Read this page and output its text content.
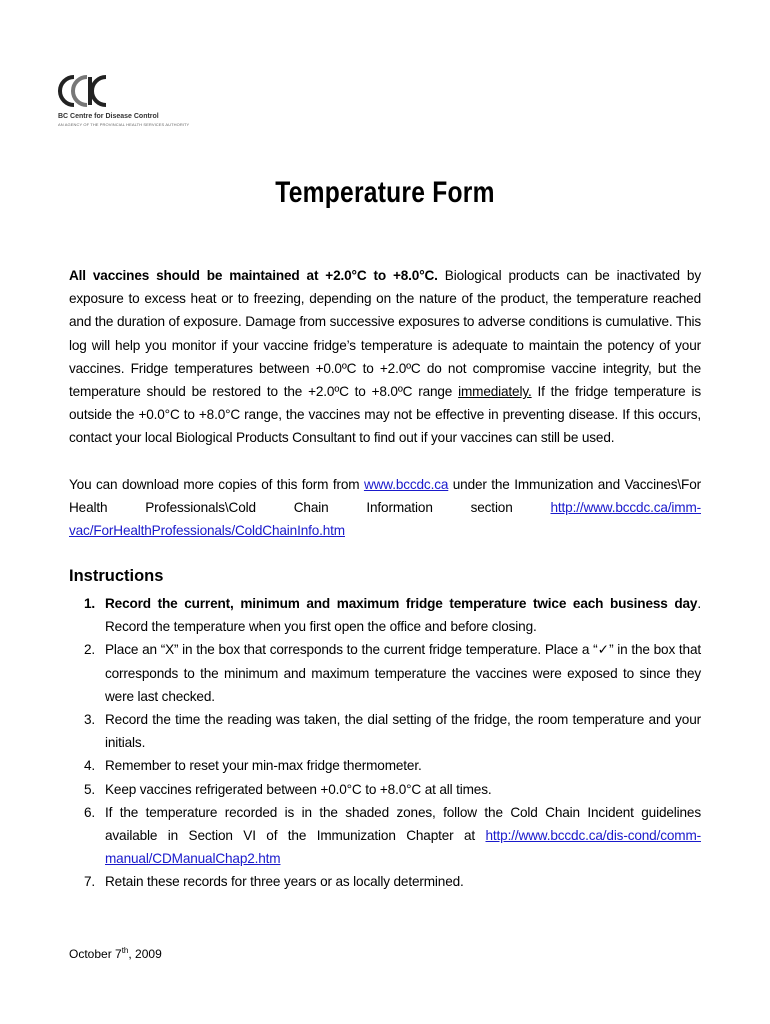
BC Centre for Disease Control
AN AGENCY OF THE PROVINCIAL HEALTH SERVICES AUTHORITY
Temperature Form
All vaccines should be maintained at +2.0°C to +8.0°C. Biological products can be inactivated by exposure to excess heat or to freezing, depending on the nature of the product, the temperature reached and the duration of exposure. Damage from successive exposures to adverse conditions is cumulative. This log will help you monitor if your vaccine fridge’s temperature is adequate to maintain the potency of your vaccines. Fridge temperatures between +0.0ºC to +2.0ºC do not compromise vaccine integrity, but the temperature should be restored to the +2.0ºC to +8.0ºC range immediately. If the fridge temperature is outside the +0.0°C to +8.0°C range, the vaccines may not be effective in preventing disease. If this occurs, contact your local Biological Products Consultant to find out if your vaccines can still be used.
You can download more copies of this form from www.bccdc.ca under the Immunization and Vaccines\For Health Professionals\Cold Chain Information section http://www.bccdc.ca/imm-vac/ForHealthProfessionals/ColdChainInfo.htm
Instructions
1. Record the current, minimum and maximum fridge temperature twice each business day. Record the temperature when you first open the office and before closing.
2. Place an “X” in the box that corresponds to the current fridge temperature. Place a “✓” in the box that corresponds to the minimum and maximum temperature the vaccines were exposed to since they were last checked.
3. Record the time the reading was taken, the dial setting of the fridge, the room temperature and your initials.
4. Remember to reset your min-max fridge thermometer.
5. Keep vaccines refrigerated between +0.0°C to +8.0°C at all times.
6. If the temperature recorded is in the shaded zones, follow the Cold Chain Incident guidelines available in Section VI of the Immunization Chapter at http://www.bccdc.ca/dis-cond/comm-manual/CDManualChap2.htm
7. Retain these records for three years or as locally determined.
October 7th, 2009
